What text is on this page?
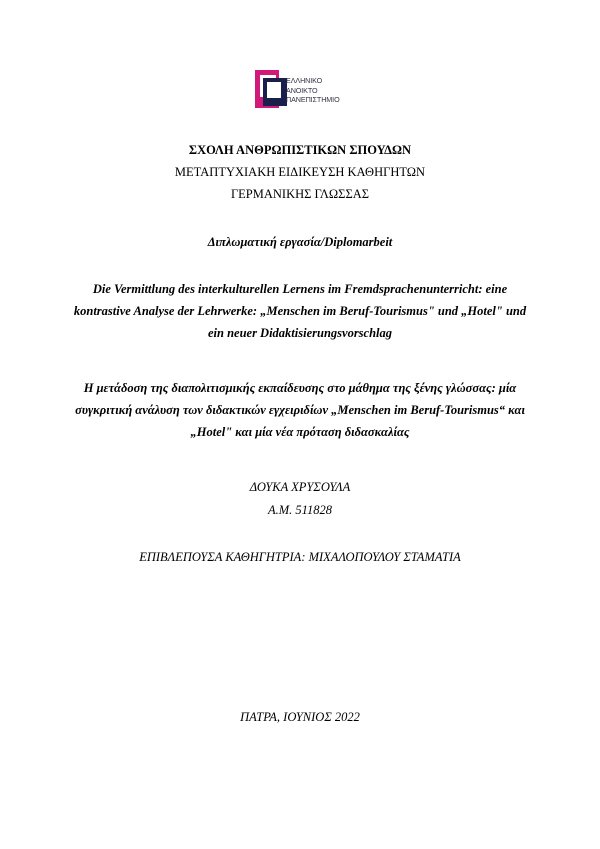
ΕΛΛΗΝΙΚΟ
ΑΝΟΙΚΤΟ
ΠΑΝΕΠΙΣΤΗΜΙΟ
ΣΧΟΛΗ ΑΝΘΡΩΠΙΣΤΙΚΩΝ ΣΠΟΥΔΩΝ
ΜΕΤΑΠΤΥΧΙΑΚΗ ΕΙΔΙΚΕΥΣΗ ΚΑΘΗΓΗΤΩΝ
ΓΕΡΜΑΝΙΚΗΣ ΓΛΩΣΣΑΣ
Διπλωματική εργασία/Diplomarbeit
Die Vermittlung des interkulturellen Lernens im Fremdsprachenunterricht: eine
kontrastive Analyse der Lehrwerke: „Menschen im Beruf-Tourismus" und „Hotel" und
ein neuer Didaktisierungsvorschlag
Η μετάδοση της διαπολιτισμικής εκπαίδευσης στο μάθημα της ξένης γλώσσας: μία
συγκριτική ανάλυση των διδακτικών εγχειριδίων „Menschen im Beruf-Tourismus“ και
„Hotel" και μία νέα πρόταση διδασκαλίας
ΔΟΥΚΑ ΧΡΥΣΟΥΛΑ
Α.Μ. 511828
ΕΠΙΒΛΕΠΟΥΣΑ ΚΑΘΗΓΗΤΡΙΑ: ΜΙΧΑΛΟΠΟΥΛΟΥ ΣΤΑΜΑΤΙΑ
ΠΑΤΡΑ, ΙΟΥΝΙΟΣ 2022
